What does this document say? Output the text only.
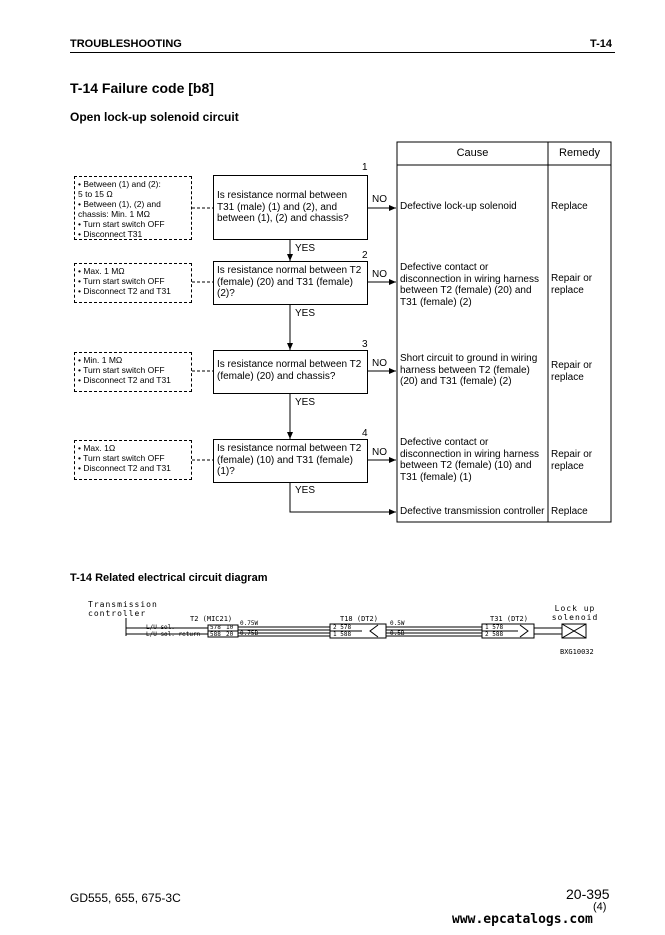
TROUBLESHOOTING	T-14
T-14 Failure code [b8]
Open lock-up solenoid circuit
Cause	Remedy
1
• Between (1) and (2):
5 to 15 Ω
• Between (1), (2) and
chassis: Min. 1 MΩ
• Turn start switch OFF
• Disconnect T31
Is resistance normal between T31 (male) (1) and (2), and between (1), (2) and chassis?
NO
Defective lock-up solenoid	Replace
YES
2
• Max. 1 MΩ
• Turn start switch OFF
• Disconnect T2 and T31
Is resistance normal between T2 (female) (20) and T31 (female) (2)?
NO
Defective contact or disconnection in wiring harness between T2 (female) (20) and T31 (female) (2)
Repair or replace
YES
3
• Min. 1 MΩ
• Turn start switch OFF
• Disconnect T2 and T31
Is resistance normal between T2 (female) (20) and chassis?
NO Short circuit to ground in wiring harness between T2 (female) (20) and T31 (female) (2)
Repair or replace
YES
4
• Max. 1Ω
• Turn start switch OFF
• Disconnect T2 and T31
Is resistance normal between T2 (female) (10) and T31 (female) (1)?
NO
Defective contact or disconnection in wiring harness between T2 (female) (10) and T31 (female) (1)
Repair or replace
YES
Defective transmission controller Replace
T-14 Related electrical circuit diagram
Transmission controller
Lock up solenoid
T2 (MIC21)	T18 (DT2)	T31 (DT2)
L/U sol.
L/U sol. return
578 10
588 20
0.75W
0.75B
2 578
1 588
0.5W
0.5B
1 578
2 588
BXG10032
GD555, 655, 675-3C	20-395
(4)
www.epcatalogs.com
